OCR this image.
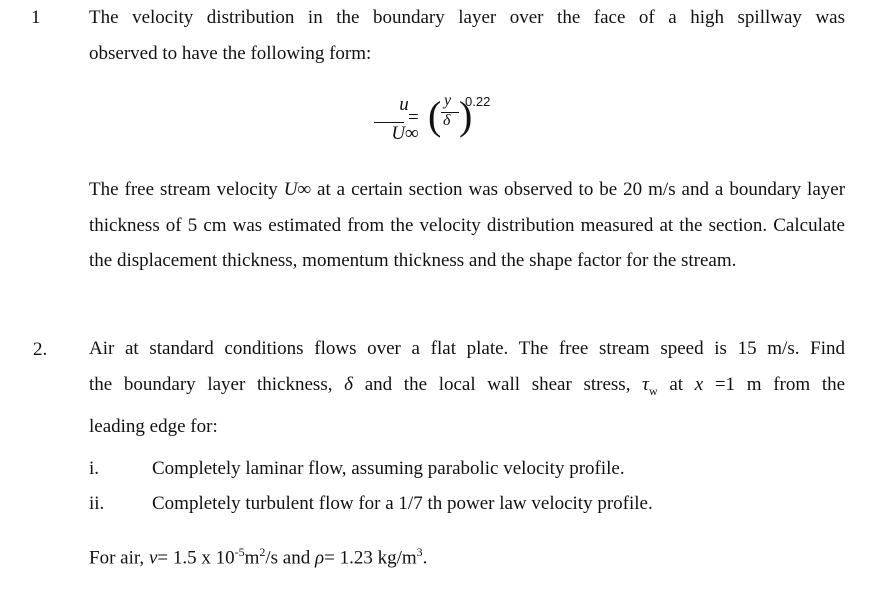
1	The velocity distribution in the boundary layer over the face of a high spillway was
observed to have the following form:
u
U∞
= ( y
δ )
0.22
The free stream velocity U∞ at a certain section was observed to be 20 m/s and a boundary layer thickness of 5 cm was estimated from the velocity distribution measured at the section. Calculate the displacement thickness, momentum thickness and the shape factor for the stream.
2. Air at standard conditions flows over a flat plate. The free stream speed is 15 m/s. Find
the boundary layer thickness, δ and the local wall shear stress, $\tau_w$ at x =1 m from the
leading edge for:
i.	Completely laminar flow, assuming parabolic velocity profile.
ii.	Completely turbulent flow for a 1/7 th power law velocity profile.
For air, ν= 1.5 x $10^{-5}m^2/s$ and ρ= 1.23 $kg/m^3$.
